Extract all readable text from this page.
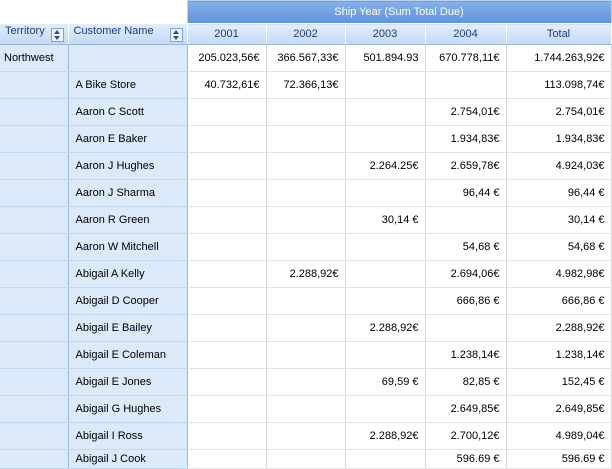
		Ship Year (Sum Total Due)				

Territory	Customer Name	2001	2002	2003	2004	Total
Northwest		205.023,56€	366.567,33€	501.894.93	670.778,11€	1.744.263,92€
	A Bike Store	40.732,61€	72.366,13€			113.098,74€
	Aaron C Scott				2.754,01€	2.754,01€
	Aaron E Baker				1.934,83€	1.934,83€
	Aaron J Hughes			2.264.25€	2.659,78€	4.924,03€
	Aaron J Sharma				96,44 €	96,44 €
	Aaron R Green			30,14 €		30,14 €
	Aaron W Mitchell				54,68 €	54,68 €
	Abigail A Kelly		2.288,92€		2.694,06€	4.982,98€
	Abigail D Cooper				666,86 €	666,86 €
	Abigail E Bailey			2.288,92€		2.288,92€
	Abigail E Coleman				1.238,14€	1.238,14€
	Abigail E Jones			69,59 €	82,85 €	152,45 €
	Abigail G Hughes				2.649,85€	2.649,85€
	Abigail I Ross			2.288,92€	2.700,12€	4.989,04€
	Abigail J Cook				596.69 €	596.69 €
